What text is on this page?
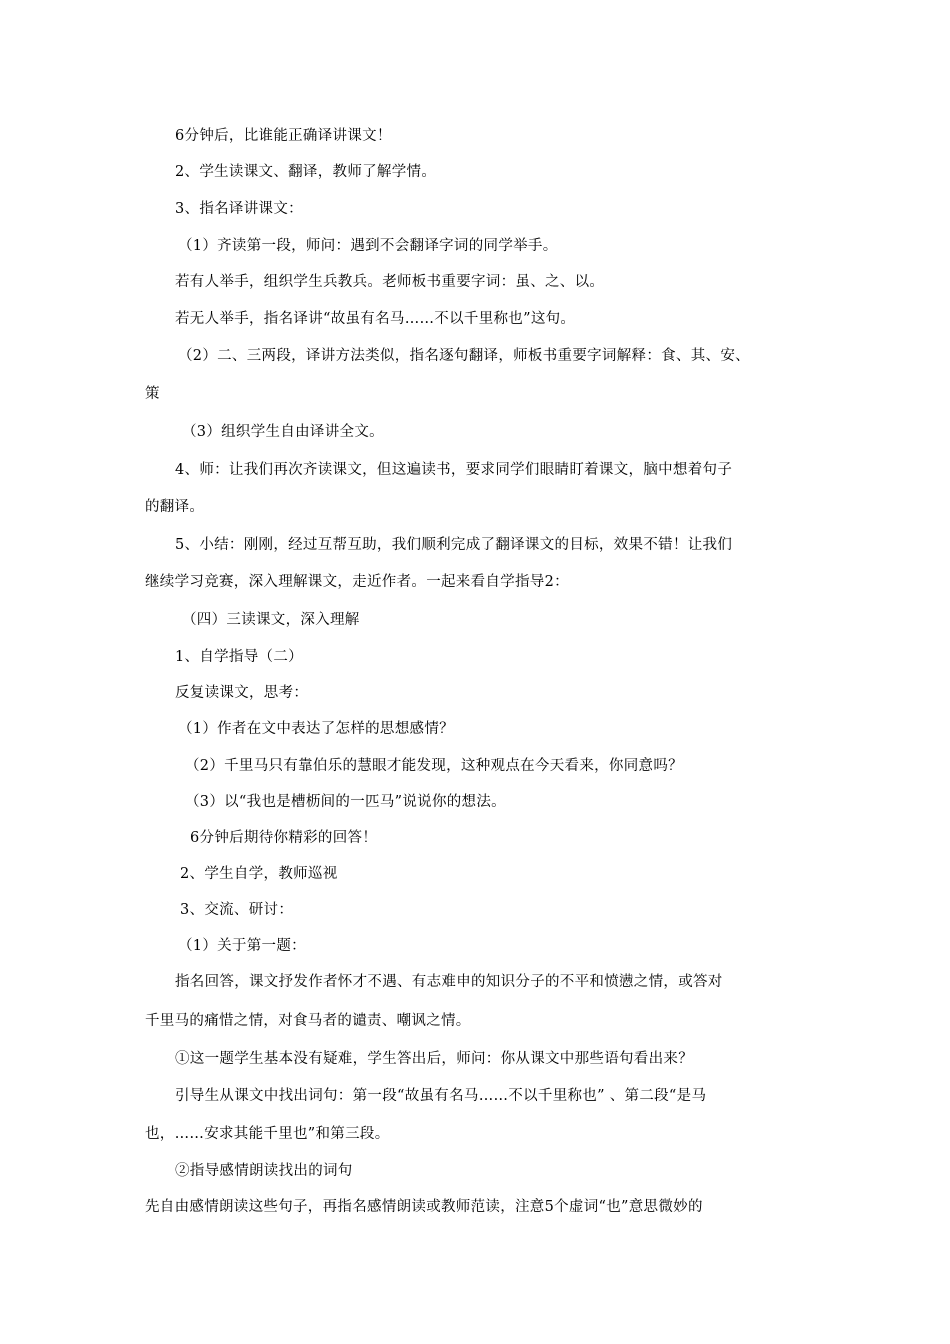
6分钟后，比谁能正确译讲课文！
2、学生读课文、翻译，教师了解学情。
3、指名译讲课文：
（1）齐读第一段，师问：遇到不会翻译字词的同学举手。
若有人举手，组织学生兵教兵。老师板书重要字词：虽、之、以。
若无人举手，指名译讲“故虽有名马……不以千里称也”这句。
（2）二、三两段，译讲方法类似，指名逐句翻译，师板书重要字词解释：食、其、安、
策
（3）组织学生自由译讲全文。
4、师：让我们再次齐读课文，但这遍读书，要求同学们眼睛盯着课文，脑中想着句子
的翻译。
5、小结：刚刚，经过互帮互助，我们顺利完成了翻译课文的目标，效果不错！让我们
继续学习竞赛，深入理解课文，走近作者。一起来看自学指导2：
（四）三读课文，深入理解
1、自学指导（二）
反复读课文，思考：
（1）作者在文中表达了怎样的思想感情？
（2）千里马只有靠伯乐的慧眼才能发现，这种观点在今天看来，你同意吗？
（3）以“我也是槽枥间的一匹马”说说你的想法。
6分钟后期待你精彩的回答！
2、学生自学，教师巡视
3、交流、研讨：
（1）关于第一题：
指名回答，课文抒发作者怀才不遇、有志难申的知识分子的不平和愤懑之情，或答对
千里马的痛惜之情，对食马者的谴责、嘲讽之情。
①这一题学生基本没有疑难，学生答出后，师问：你从课文中那些语句看出来？
引导生从课文中找出词句：第一段“故虽有名马……不以千里称也” 、第二段“是马
也，……安求其能千里也”和第三段。
②指导感情朗读找出的词句
先自由感情朗读这些句子，再指名感情朗读或教师范读，注意5个虚词“也”意思微妙的
